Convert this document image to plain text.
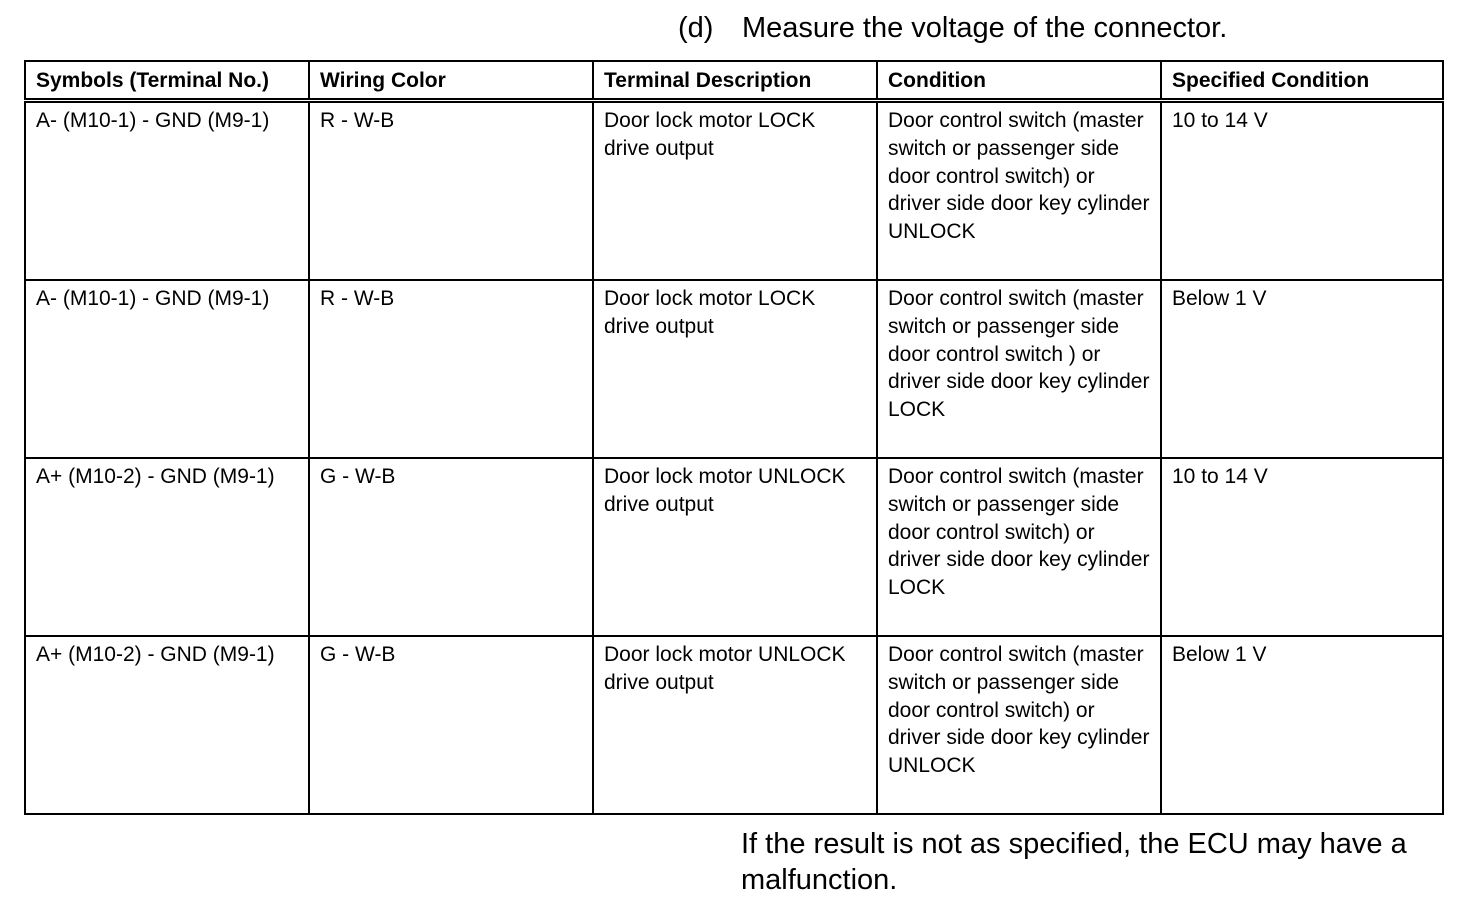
(d) Measure the voltage of the connector.
Symbols (Terminal No.)	Wiring Color	Terminal Description	Condition	Specified Condition
A- (M10-1) - GND (M9-1)	R - W-B	Door lock motor LOCK drive output	Door control switch (master switch or passenger side door control switch) or driver side door key cylinder UNLOCK	10 to 14 V
A- (M10-1) - GND (M9-1)	R - W-B	Door lock motor LOCK drive output	Door control switch (master switch or passenger side door control switch ) or driver side door key cylinder LOCK	Below 1 V
A+ (M10-2) - GND (M9-1)	G - W-B	Door lock motor UNLOCK drive output	Door control switch (master switch or passenger side door control switch) or driver side door key cylinder LOCK	10 to 14 V
A+ (M10-2) - GND (M9-1)	G - W-B	Door lock motor UNLOCK drive output	Door control switch (master switch or passenger side door control switch) or driver side door key cylinder UNLOCK	Below 1 V
If the result is not as specified, the ECU may have a malfunction.
